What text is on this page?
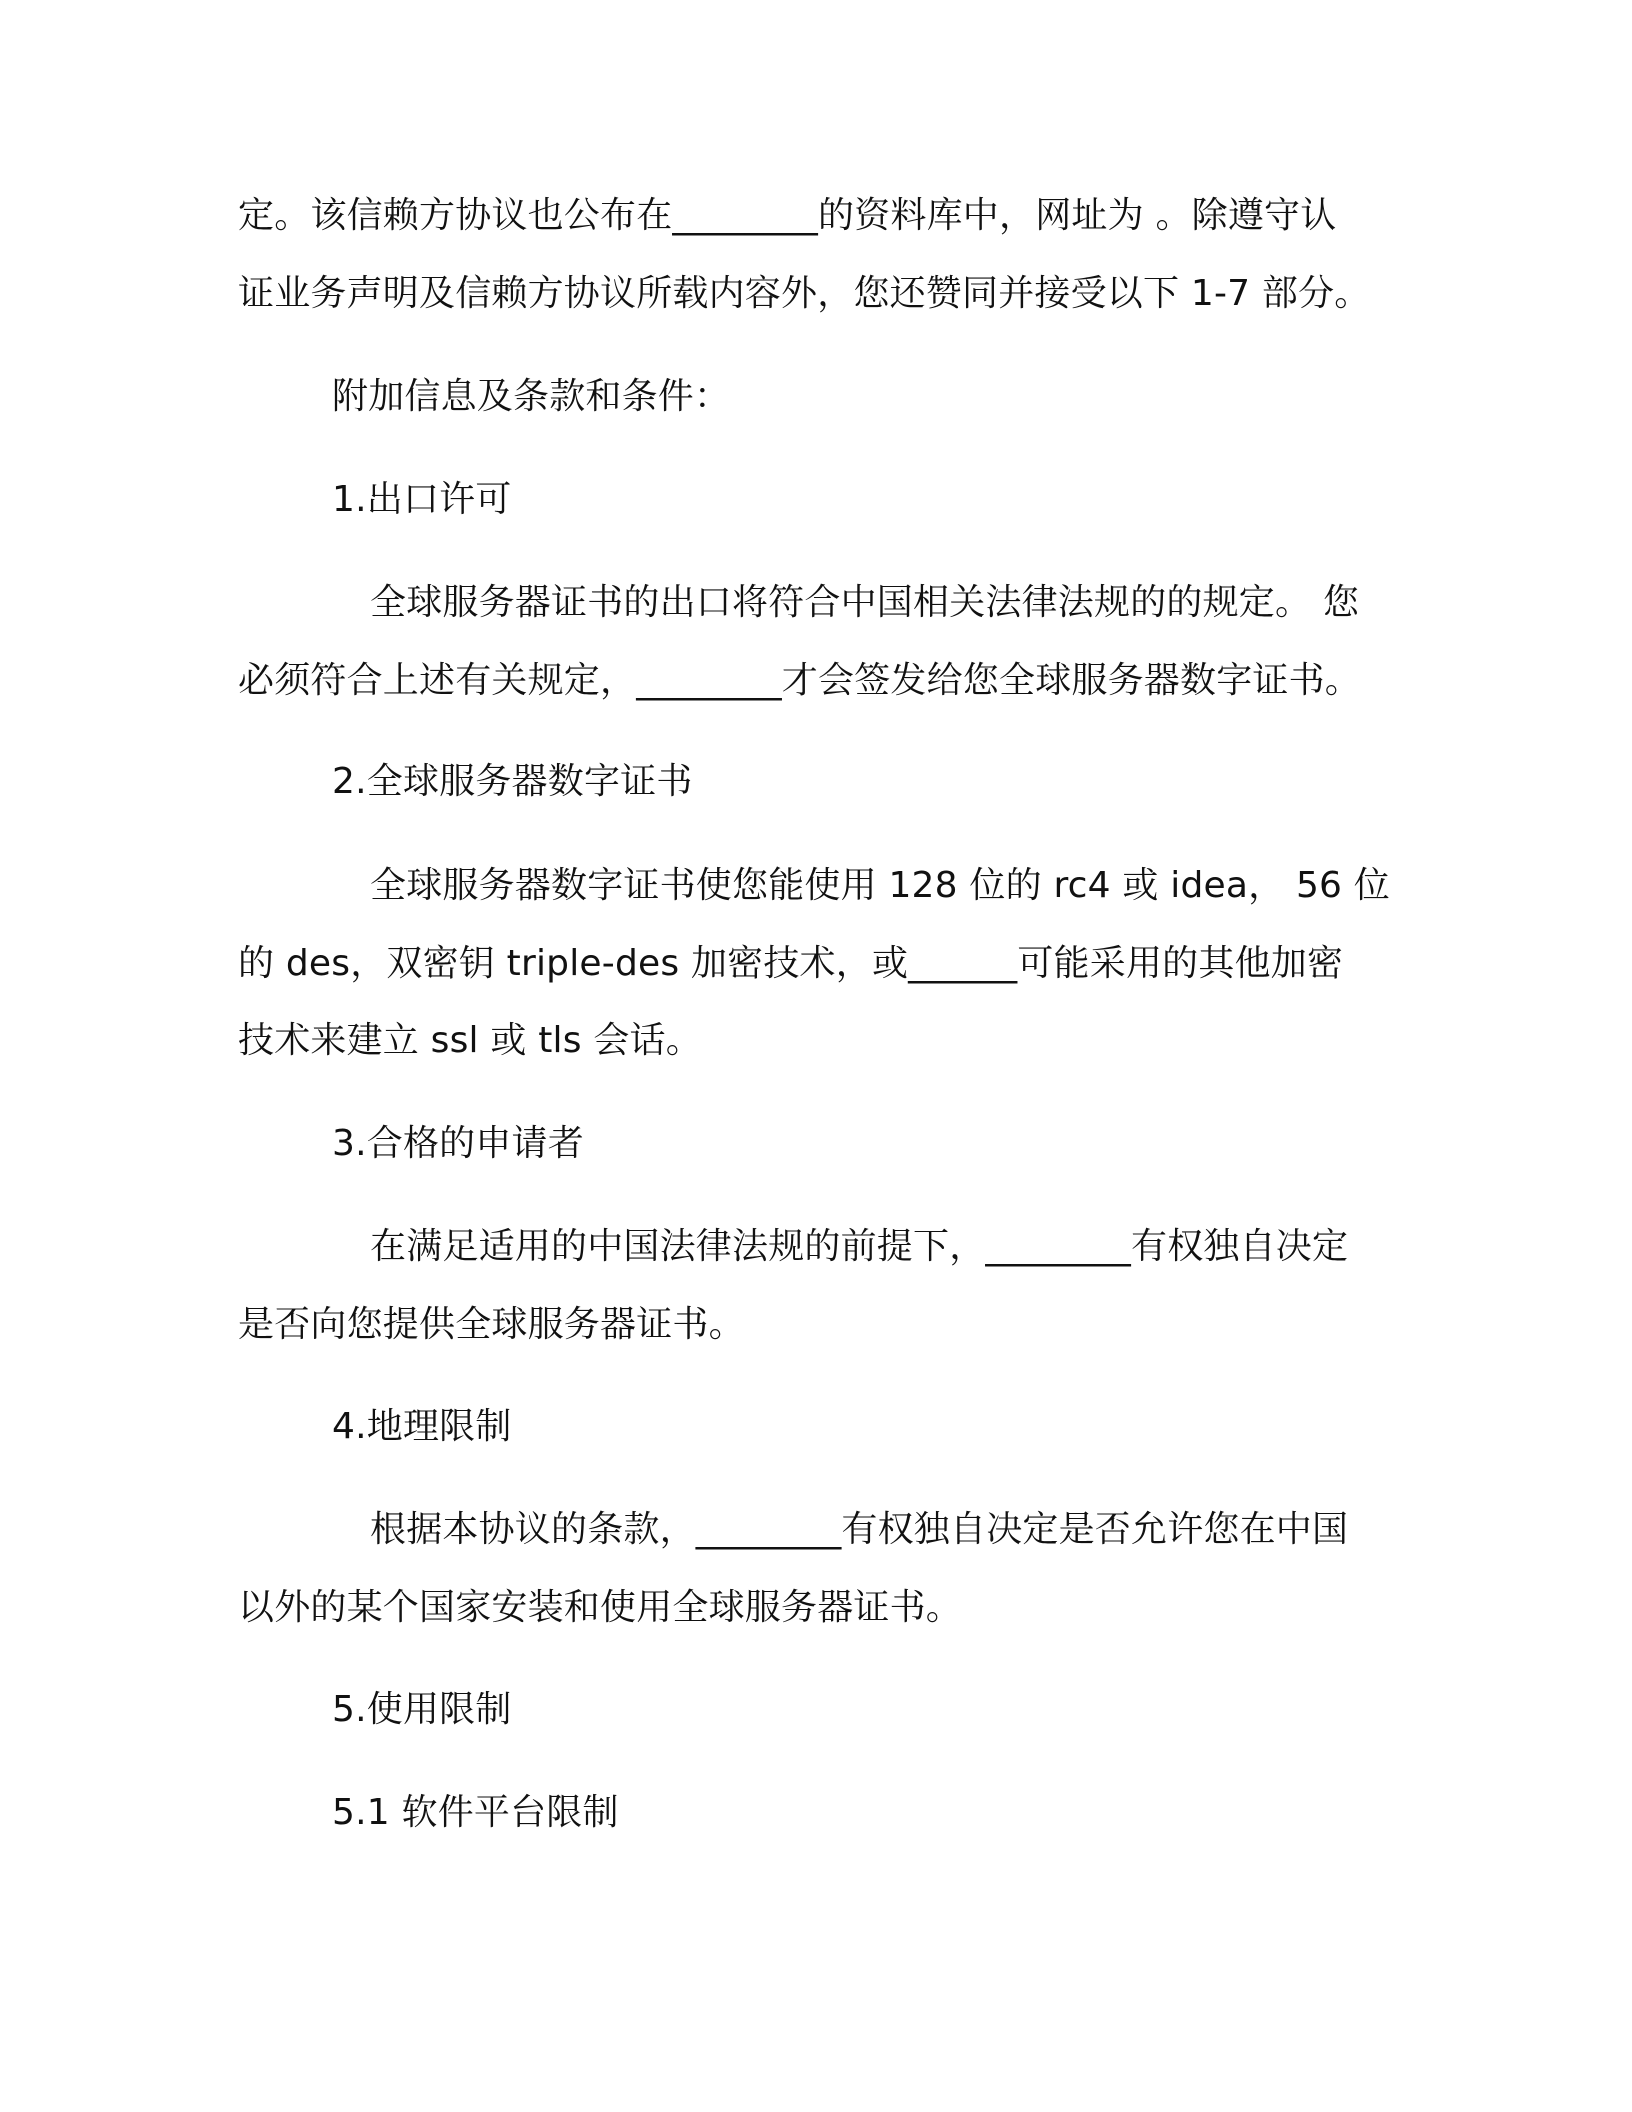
定。该信赖方协议也公布在________的资料库中，网址为 。除遵守认
证业务声明及信赖方协议所载内容外，您还赞同并接受以下 1-7 部分。
附加信息及条款和条件：
1.出口许可
全球服务器证书的出口将符合中国相关法律法规的的规定。 您
必须符合上述有关规定，________才会签发给您全球服务器数字证书。
2.全球服务器数字证书
全球服务器数字证书使您能使用 128 位的 rc4 或 idea， 56 位
的 des，双密钥 triple-des 加密技术，或______可能采用的其他加密
技术来建立 ssl 或 tls 会话。
3.合格的申请者
在满足适用的中国法律法规的前提下，________有权独自决定
是否向您提供全球服务器证书。
4.地理限制
根据本协议的条款，________有权独自决定是否允许您在中国
以外的某个国家安装和使用全球服务器证书。
5.使用限制
5.1 软件平台限制
